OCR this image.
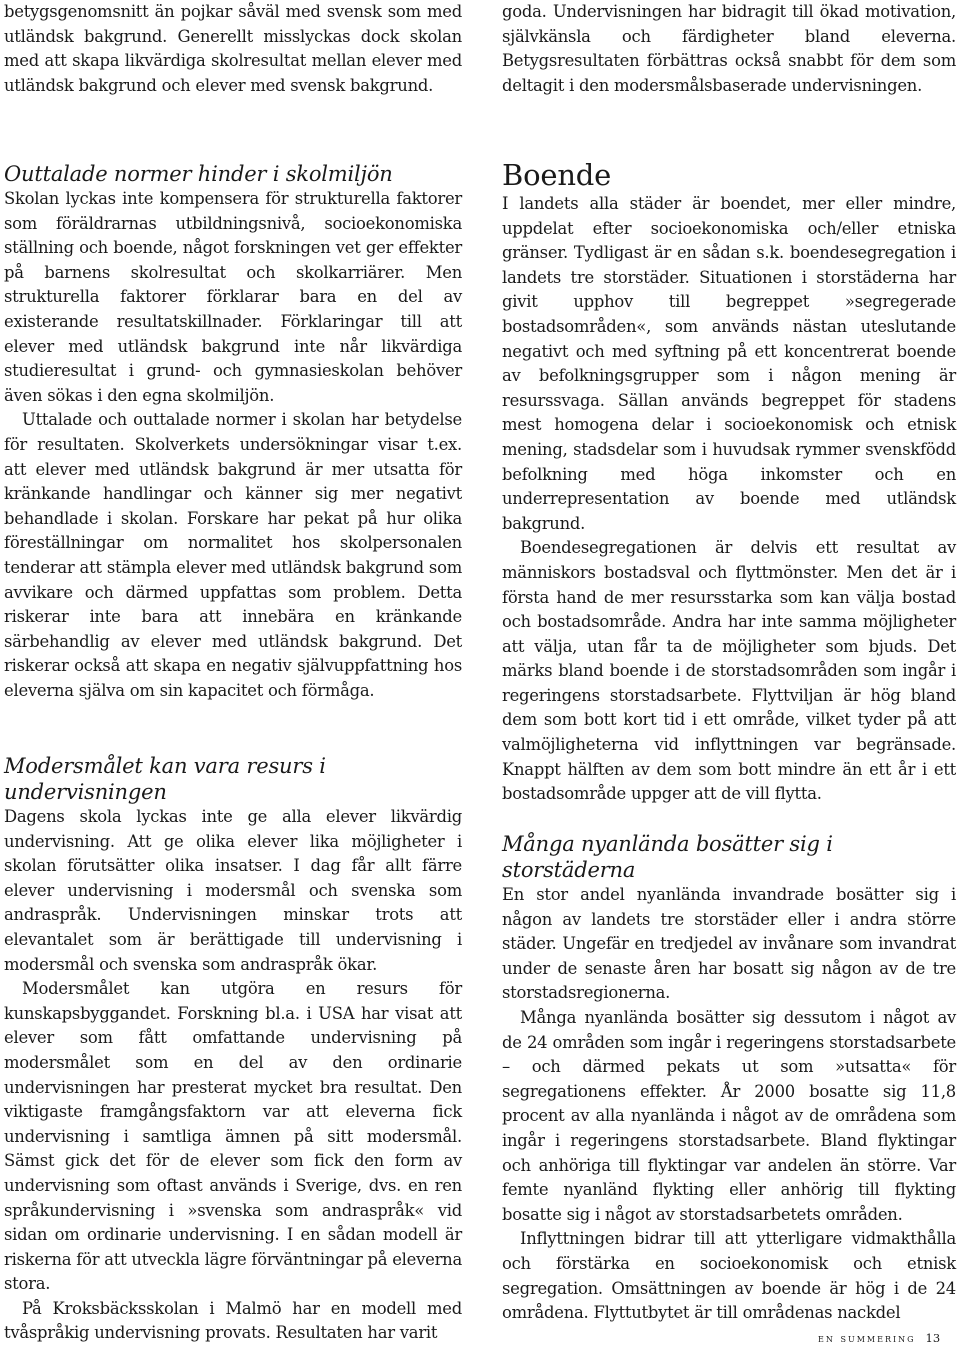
betygsgenomsnitt än pojkar såväl med svensk som med utländsk bakgrund. Generellt misslyckas dock skolan med att skapa likvärdiga skolresultat mellan elever med utländsk bakgrund och elever med svensk bakgrund.

Outtalade normer hinder i skolmiljön

Skolan lyckas inte kompensera för strukturella faktorer som föräldrarnas utbildningsnivå, socioekonomiska ställning och boende, något forskningen vet ger effekter på barnens skolresultat och skolkarriärer. Men strukturella faktorer förklarar bara en del av existerande resultatskillnader. Förklaringar till att elever med utländsk bakgrund inte når likvärdiga studieresultat i grund- och gymnasieskolan behöver även sökas i den egna skolmiljön.

Uttalade och outtalade normer i skolan har betydelse för resultaten. Skolverkets undersökningar visar t.ex. att elever med utländsk bakgrund är mer utsatta för kränkande handlingar och känner sig mer negativt behandlade i skolan. Forskare har pekat på hur olika föreställningar om normalitet hos skolpersonalen tenderar att stämpla elever med utländsk bakgrund som avvikare och därmed uppfattas som problem. Detta riskerar inte bara att innebära en kränkande särbehandlig av elever med utländsk bakgrund. Det riskerar också att skapa en negativ självuppfattning hos eleverna själva om sin kapacitet och förmåga.

Modersmålet kan vara resurs i undervisningen

Dagens skola lyckas inte ge alla elever likvärdig undervisning. Att ge olika elever lika möjligheter i skolan förutsätter olika insatser. I dag får allt färre elever undervisning i modersmål och svenska som andraspråk. Undervisningen minskar trots att elevantalet som är berättigade till undervisning i modersmål och svenska som andraspråk ökar.

Modersmålet kan utgöra en resurs för kunskapsbyggandet. Forskning bl.a. i USA har visat att elever som fått omfattande undervisning på modersmålet som en del av den ordinarie undervisningen har presterat mycket bra resultat. Den viktigaste framgångsfaktorn var att eleverna fick undervisning i samtliga ämnen på sitt modersmål. Sämst gick det för de elever som fick den form av undervisning som oftast används i Sverige, dvs. en ren språkundervisning i »svenska som andraspråk« vid sidan om ordinarie undervisning. I en sådan modell är riskerna för att utveckla lägre förväntningar på eleverna stora.

På Kroksbäcksskolan i Malmö har en modell med tvåspråkig undervisning provats. Resultaten har varit

goda. Undervisningen har bidragit till ökad motivation, självkänsla och färdigheter bland eleverna. Betygsresultaten förbättras också snabbt för dem som deltagit i den modersmålsbaserade undervisningen.

Boende

I landets alla städer är boendet, mer eller mindre, uppdelat efter socioekonomiska och/eller etniska gränser. Tydligast är en sådan s.k. boendesegregation i landets tre storstäder. Situationen i storstäderna har givit upphov till begreppet »segregerade bostadsområden«, som används nästan uteslutande negativt och med syftning på ett koncentrerat boende av befolkningsgrupper som i någon mening är resurssvaga. Sällan används begreppet för stadens mest homogena delar i socioekonomisk och etnisk mening, stadsdelar som i huvudsak rymmer svenskfödd befolkning med höga inkomster och en underrepresentation av boende med utländsk bakgrund.

Boendesegregationen är delvis ett resultat av människors bostadsval och flyttmönster. Men det är i första hand de mer resursstarka som kan välja bostad och bostadsområde. Andra har inte samma möjligheter att välja, utan får ta de möjligheter som bjuds. Det märks bland boende i de storstadsområden som ingår i regeringens storstadsarbete. Flyttviljan är hög bland dem som bott kort tid i ett område, vilket tyder på att valmöjligheterna vid inflyttningen var begränsade. Knappt hälften av dem som bott mindre än ett år i ett bostadsområde uppger att de vill flytta.

Många nyanlända bosätter sig i storstäderna

En stor andel nyanlända invandrade bosätter sig i någon av landets tre storstäder eller i andra större städer. Ungefär en tredjedel av invånare som invandrat under de senaste åren har bosatt sig någon av de tre storstadsregionerna.

Många nyanlända bosätter sig dessutom i något av de 24 områden som ingår i regeringens storstadsarbete – och därmed pekats ut som »utsatta« för segregationens effekter. År 2000 bosatte sig 11,8 procent av alla nyanlända i något av de områdena som ingår i regeringens storstadsarbete. Bland flyktingar och anhöriga till flyktingar var andelen än större. Var femte nyanländ flykting eller anhörig till flykting bosatte sig i något av storstadsarbetets områden.

Inflyttningen bidrar till att ytterligare vidmakthålla och förstärka en socioekonomisk och etnisk segregation. Omsättningen av boende är hög i de 24 områdena. Flyttutbytet är till områdenas nackdel

en summering 13
